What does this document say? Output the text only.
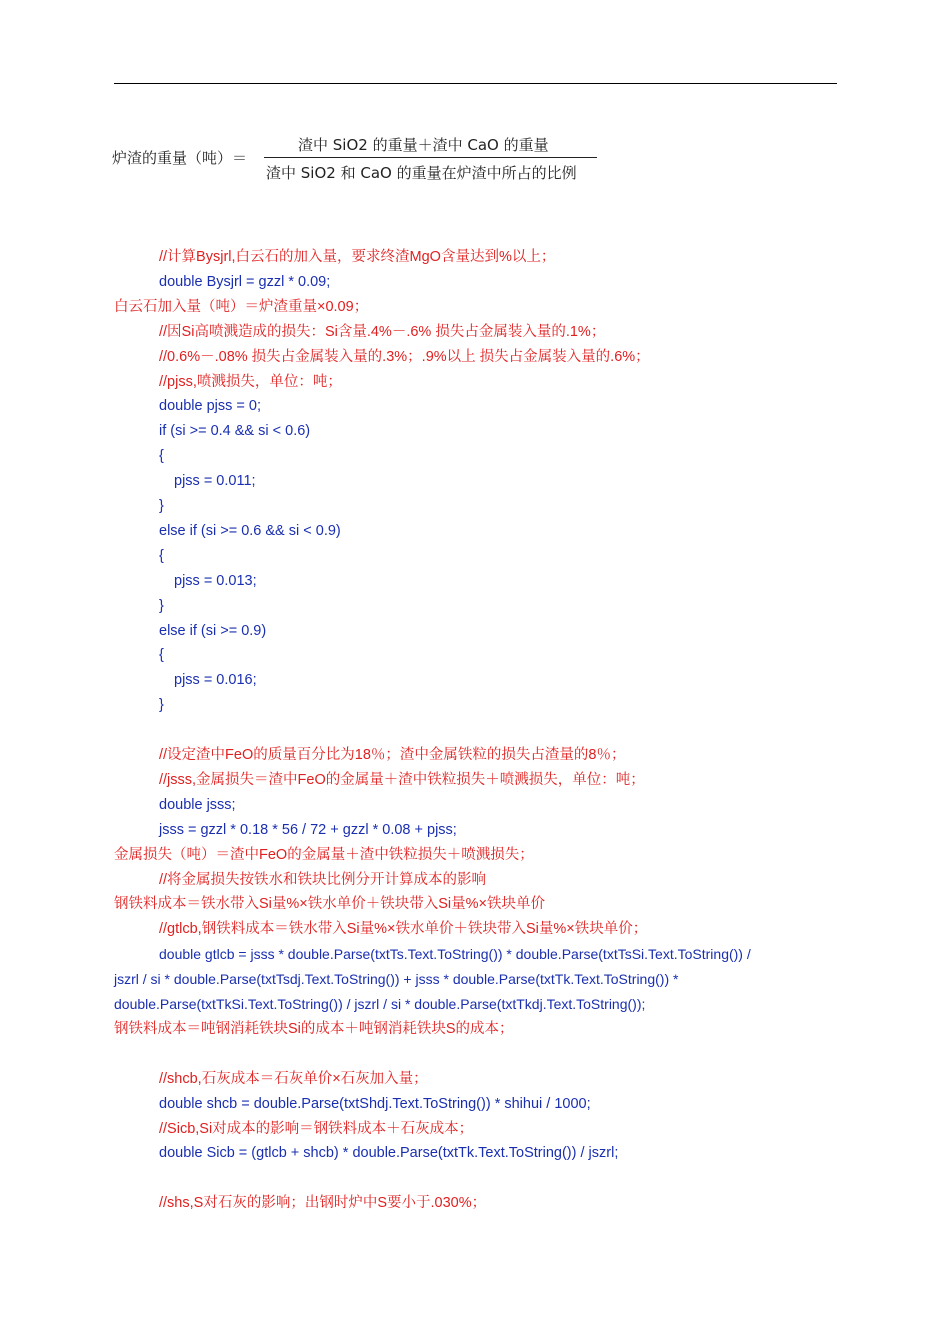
炉渣的重量（吨）＝
渣中 SiO2 的重量＋渣中 CaO 的重量
渣中 SiO2 和 CaO 的重量在炉渣中所占的比例
//计算Bysjrl,白云石的加入量，要求终渣MgO含量达到%以上；
double Bysjrl = gzzl * 0.09;
白云石加入量（吨）＝炉渣重量×0.09；
//因Si高喷溅造成的损失：Si含量.4%－.6% 损失占金属装入量的.1%；
//0.6%－.08% 损失占金属装入量的.3%；.9%以上 损失占金属装入量的.6%；
//pjss,喷溅损失，单位：吨；
double pjss = 0;
if (si >= 0.4 && si < 0.6)
{
pjss = 0.011;
}
else if (si >= 0.6 && si < 0.9)
{
pjss = 0.013;
}
else if (si >= 0.9)
{
pjss = 0.016;
}
//设定渣中FeO的质量百分比为18％；渣中金属铁粒的损失占渣量的8％；
//jsss,金属损失＝渣中FeO的金属量＋渣中铁粒损失＋喷溅损失，单位：吨；
double jsss;
jsss = gzzl * 0.18 * 56 / 72 + gzzl * 0.08 + pjss;
金属损失（吨）＝渣中FeO的金属量＋渣中铁粒损失＋喷溅损失；
//将金属损失按铁水和铁块比例分开计算成本的影响
钢铁料成本＝铁水带入Si量%×铁水单价＋铁块带入Si量%×铁块单价
//gtlcb,钢铁料成本＝铁水带入Si量%×铁水单价＋铁块带入Si量%×铁块单价；
double gtlcb = jsss * double.Parse(txtTs.Text.ToString()) * double.Parse(txtTsSi.Text.ToString()) /
jszrl / si * double.Parse(txtTsdj.Text.ToString()) + jsss * double.Parse(txtTk.Text.ToString()) *
double.Parse(txtTkSi.Text.ToString()) / jszrl / si * double.Parse(txtTkdj.Text.ToString());
钢铁料成本＝吨钢消耗铁块Si的成本＋吨钢消耗铁块S的成本；
//shcb,石灰成本＝石灰单价×石灰加入量；
double shcb = double.Parse(txtShdj.Text.ToString()) * shihui / 1000;
//Sicb,Si对成本的影响＝钢铁料成本＋石灰成本；
double Sicb = (gtlcb + shcb) * double.Parse(txtTk.Text.ToString()) / jszrl;
//shs,S对石灰的影响；出钢时炉中S要小于.030%；
